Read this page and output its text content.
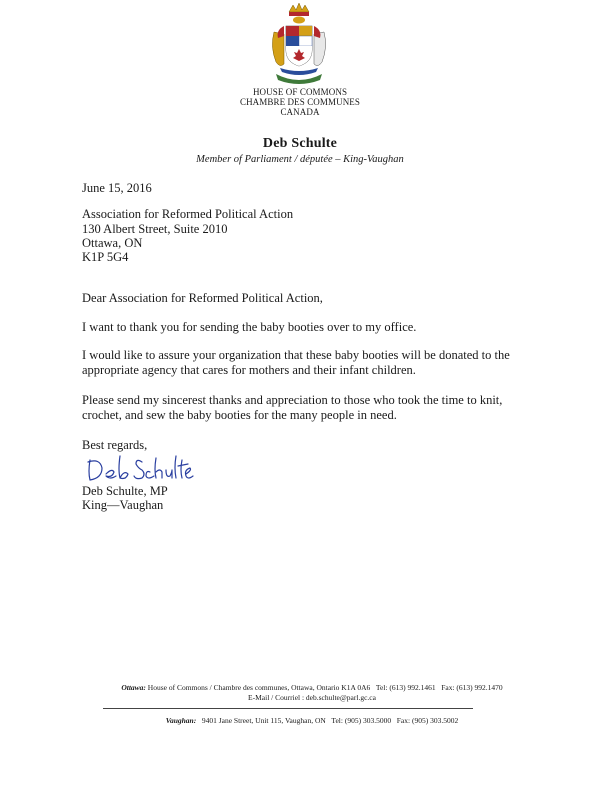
HOUSE OF COMMONS
CHAMBRE DES COMMUNES
CANADA
Deb Schulte
Member of Parliament / députée – King-Vaughan
June 15, 2016
Association for Reformed Political Action
130 Albert Street, Suite 2010
Ottawa, ON
K1P 5G4
Dear Association for Reformed Political Action,
I want to thank you for sending the baby booties over to my office.
I would like to assure your organization that these baby booties will be donated to the appropriate agency that cares for mothers and their infant children.
Please send my sincerest thanks and appreciation to those who took the time to knit, crochet, and sew the baby booties for the many people in need.
Best regards,
Deb Schulte, MP
King—Vaughan
Ottawa: House of Commons / Chambre des communes, Ottawa, Ontario K1A 0A6 Tel: (613) 992.1461 Fax: (613) 992.1470
E-Mail / Courriel : deb.schulte@parl.gc.ca
Vaughan: 9401 Jane Street, Unit 115, Vaughan, ON Tel: (905) 303.5000 Fax: (905) 303.5002
